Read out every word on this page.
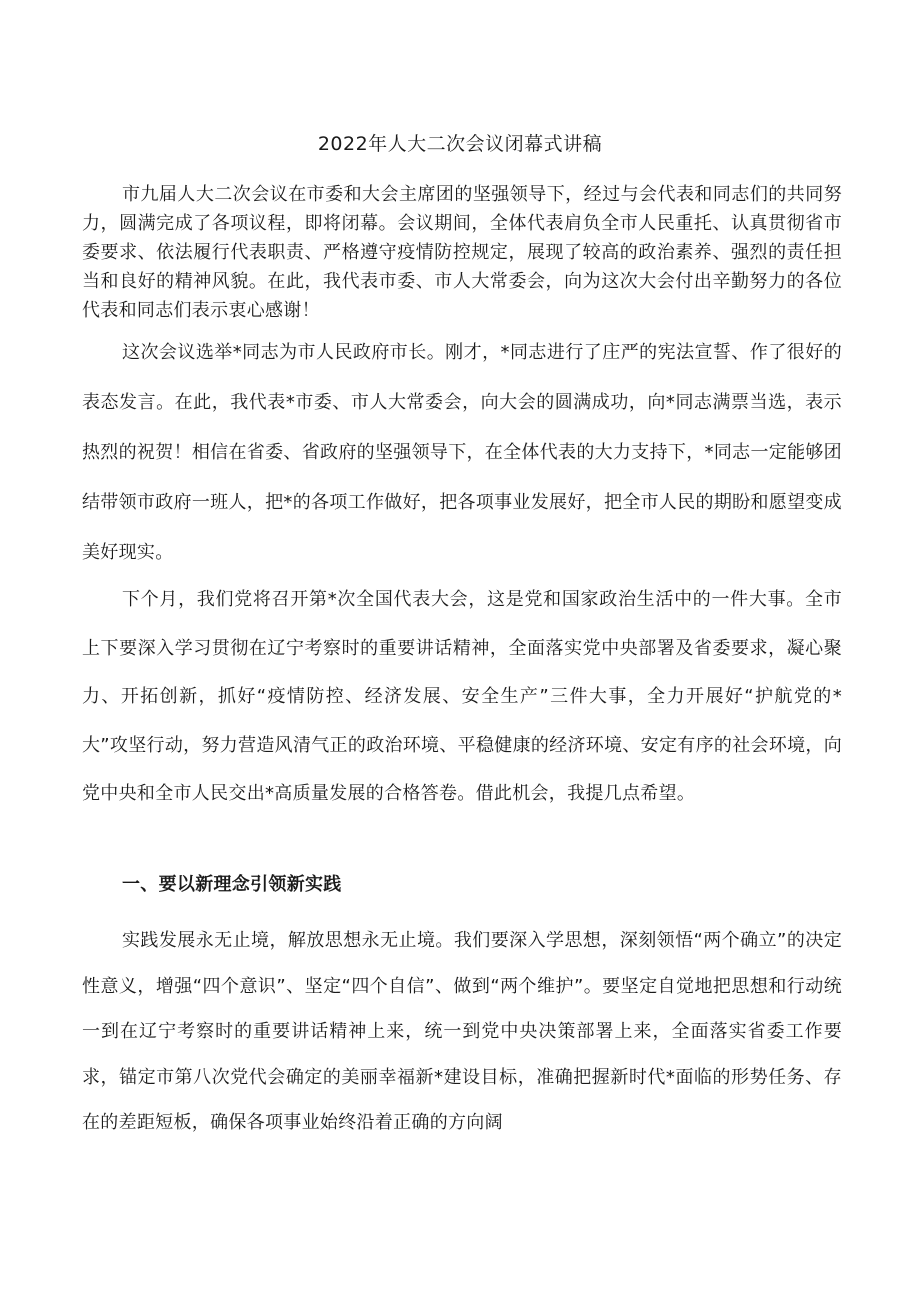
2022年人大二次会议闭幕式讲稿

市九届人大二次会议在市委和大会主席团的坚强领导下，经过与会代表和同志们的共同努力，圆满完成了各项议程，即将闭幕。会议期间，全体代表肩负全市人民重托、认真贯彻省市委要求、依法履行代表职责、严格遵守疫情防控规定，展现了较高的政治素养、强烈的责任担当和良好的精神风貌。在此，我代表市委、市人大常委会，向为这次大会付出辛勤努力的各位代表和同志们表示衷心感谢！

这次会议选举*同志为市人民政府市长。刚才，*同志进行了庄严的宪法宣誓、作了很好的表态发言。在此，我代表*市委、市人大常委会，向大会的圆满成功，向*同志满票当选，表示热烈的祝贺！相信在省委、省政府的坚强领导下，在全体代表的大力支持下，*同志一定能够团结带领市政府一班人，把*的各项工作做好，把各项事业发展好，把全市人民的期盼和愿望变成美好现实。

下个月，我们党将召开第*次全国代表大会，这是党和国家政治生活中的一件大事。全市上下要深入学习贯彻在辽宁考察时的重要讲话精神，全面落实党中央部署及省委要求，凝心聚力、开拓创新，抓好“疫情防控、经济发展、安全生产”三件大事，全力开展好“护航党的*大”攻坚行动，努力营造风清气正的政治环境、平稳健康的经济环境、安定有序的社会环境，向党中央和全市人民交出*高质量发展的合格答卷。借此机会，我提几点希望。

一、要以新理念引领新实践

实践发展永无止境，解放思想永无止境。我们要深入学思想，深刻领悟“两个确立”的决定性意义，增强“四个意识”、坚定“四个自信”、做到“两个维护”。要坚定自觉地把思想和行动统一到在辽宁考察时的重要讲话精神上来，统一到党中央决策部署上来，全面落实省委工作要求，锚定市第八次党代会确定的美丽幸福新*建设目标，准确把握新时代*面临的形势任务、存在的差距短板，确保各项事业始终沿着正确的方向阔
